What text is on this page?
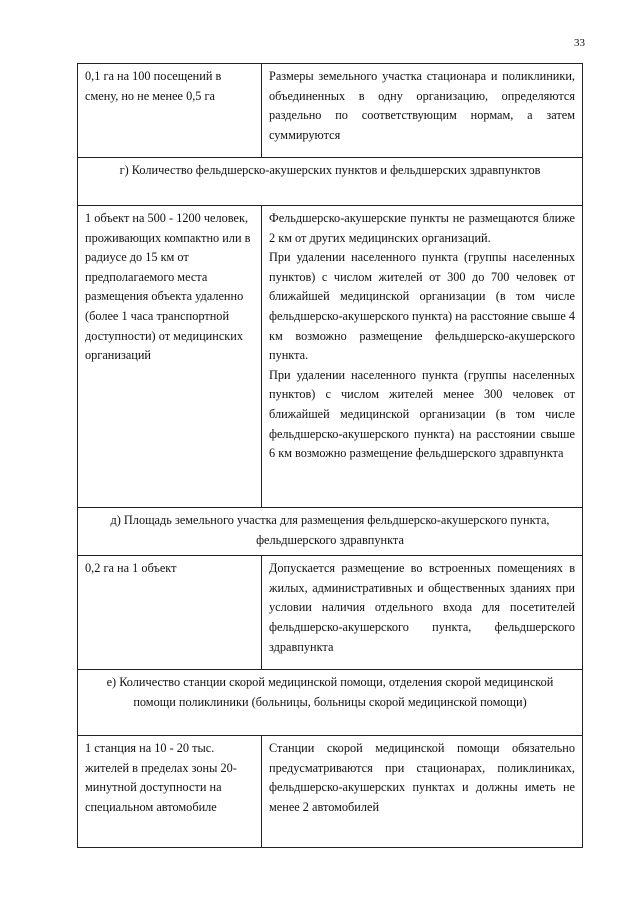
33
0,1 га на 100 посещений в смену, но не менее 0,5 га	Размеры земельного участка стационара и поликлиники, объединенных в одну организацию, определяются раздельно по соответствующим нормам, а затем суммируются
г) Количество фельдшерско-акушерских пунктов и фельдшерских здравпунктов	
1 объект на 500 - 1200 человек, проживающих компактно или в радиусе до 15 км от предполагаемого места размещения объекта удаленно (более 1 часа транспортной доступности) от медицинских организаций	Фельдшерско-акушерские пункты не размещаются ближе 2 км от других медицинских организаций.
При удалении населенного пункта (группы населенных пунктов) с числом жителей от 300 до 700 человек от ближайшей медицинской организации (в том числе фельдшерско-акушерского пункта) на расстояние свыше 4 км возможно размещение фельдшерско-акушерского пункта.
При удалении населенного пункта (группы населенных пунктов) с числом жителей менее 300 человек от ближайшей медицинской организации (в том числе фельдшерско-акушерского пункта) на расстоянии свыше 6 км возможно размещение фельдшерского здравпункта

д) Площадь земельного участка для размещения фельдшерско-акушерского пункта, фельдшерского здравпункта	
0,2 га на 1 объект	Допускается размещение во встроенных помещениях в жилых, административных и общественных зданиях при условии наличия отдельного входа для посетителей фельдшерско-акушерского пункта, фельдшерского здравпункта
е) Количество станции скорой медицинской помощи, отделения скорой медицинской помощи поликлиники (больницы, больницы скорой медицинской помощи)	
1 станция на 10 - 20 тыс. жителей в пределах зоны 20-минутной доступности на специальном автомобиле	Станции скорой медицинской помощи обязательно предусматриваются при стационарах, поликлиниках, фельдшерско-акушерских пунктах и должны иметь не менее 2 автомобилей
